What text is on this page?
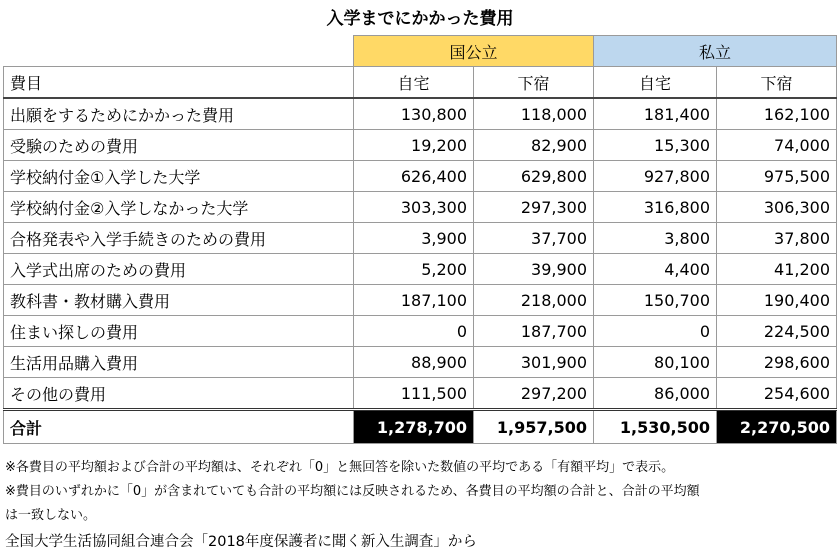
入学までにかかった費用
	国公立		私立	
費目	自宅	下宿	自宅	下宿
出願をするためにかかった費用	130,800	118,000	181,400	162,100
受験のための費用	19,200	82,900	15,300	74,000
学校納付金①入学した大学	626,400	629,800	927,800	975,500
学校納付金②入学しなかった大学	303,300	297,300	316,800	306,300
合格発表や入学手続きのための費用	3,900	37,700	3,800	37,800
入学式出席のための費用	5,200	39,900	4,400	41,200
教科書・教材購入費用	187,100	218,000	150,700	190,400
住まい探しの費用	0	187,700	0	224,500
生活用品購入費用	88,900	301,900	80,100	298,600
その他の費用	111,500	297,200	86,000	254,600
合計	1,278,700	1,957,500	1,530,500	2,270,500
※各費目の平均額および合計の平均額は、それぞれ「0」と無回答を除いた数値の平均である「有額平均」で表示。
※費目のいずれかに「0」が含まれていても合計の平均額には反映されるため、各費目の平均額の合計と、合計の平均額
は一致しない。
全国大学生活協同組合連合会「2018年度保護者に聞く新入生調査」から
